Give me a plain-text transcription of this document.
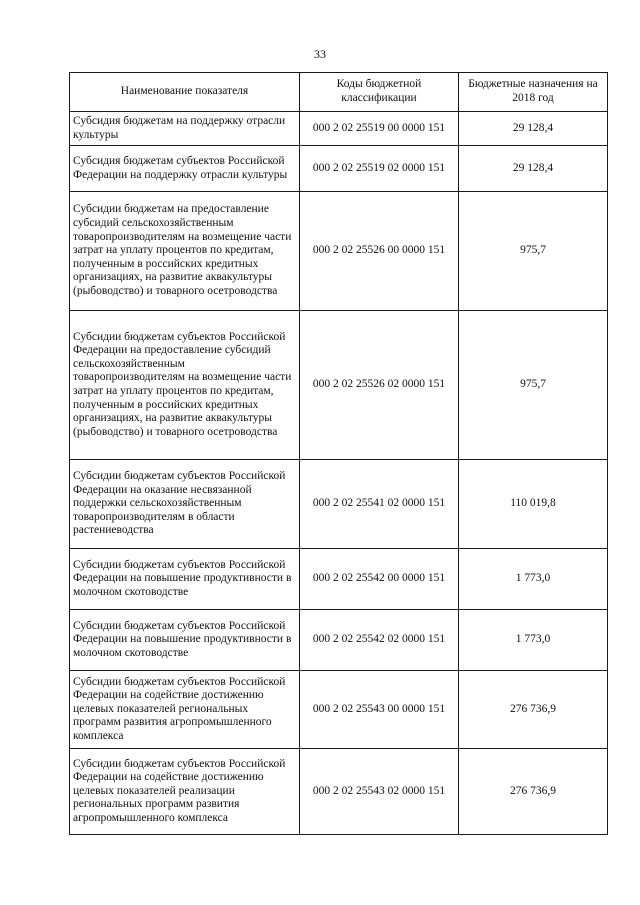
33
Наименование показателя	Коды бюджетной классификации	Бюджетные назначения на 2018 год
Субсидия бюджетам на поддержку отрасли культуры	000 2 02 25519 00 0000 151	29 128,4
Субсидия бюджетам субъектов Российской Федерации на поддержку отрасли культуры	000 2 02 25519 02 0000 151	29 128,4
Субсидии бюджетам на предоставление субсидий сельскохозяйственным товаропроизводителям на возмещение части затрат на уплату процентов по кредитам, полученным в российских кредитных организациях, на развитие аквакультуры (рыбоводство) и товарного осетроводства	000 2 02 25526 00 0000 151	975,7
Субсидии бюджетам субъектов Российской Федерации на предоставление субсидий сельскохозяйственным товаропроизводителям на возмещение части затрат на уплату процентов по кредитам, полученным в российских кредитных организациях, на развитие аквакультуры (рыбоводство) и товарного осетроводства	000 2 02 25526 02 0000 151	975,7
Субсидии бюджетам субъектов Российской Федерации на оказание несвязанной поддержки сельскохозяйственным товаропроизводителям в области растениеводства	000 2 02 25541 02 0000 151	110 019,8
Субсидии бюджетам субъектов Российской Федерации на повышение продуктивности в молочном скотоводстве	000 2 02 25542 00 0000 151	1 773,0
Субсидии бюджетам субъектов Российской Федерации на повышение продуктивности в молочном скотоводстве	000 2 02 25542 02 0000 151	1 773,0
Субсидии бюджетам субъектов Российской Федерации на содействие достижению целевых показателей региональных программ развития агропромышленного комплекса	000 2 02 25543 00 0000 151	276 736,9
Субсидии бюджетам субъектов Российской Федерации на содействие достижению целевых показателей реализации региональных программ развития агропромышленного комплекса	000 2 02 25543 02 0000 151	276 736,9
